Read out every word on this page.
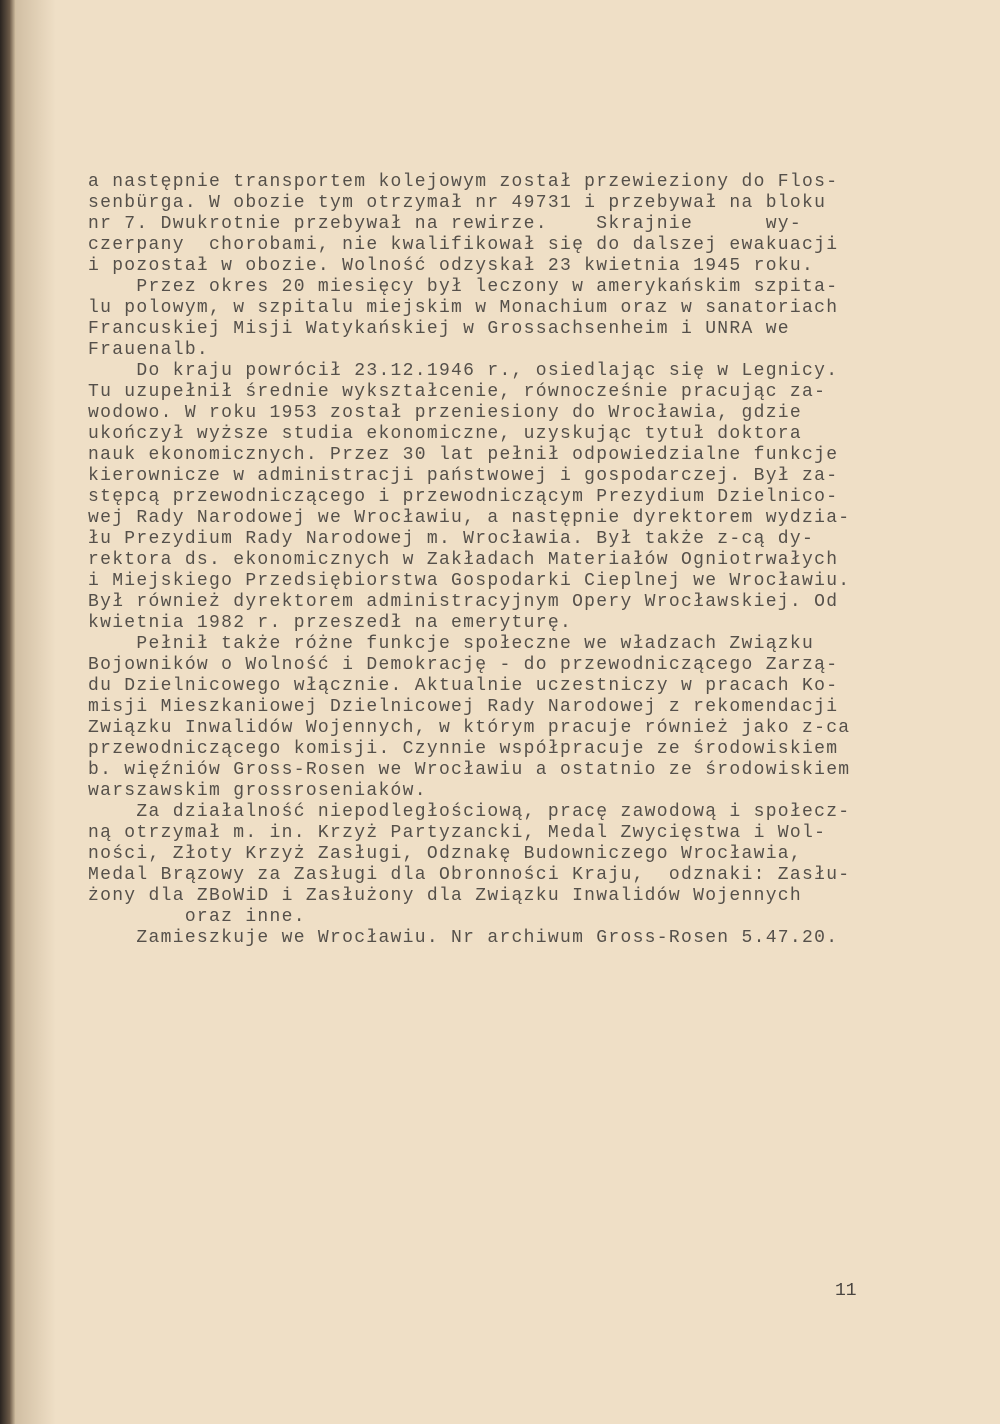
a następnie transportem kolejowym został przewieziony do Flos-
senbürga. W obozie tym otrzymał nr 49731 i przebywał na bloku
nr 7. Dwukrotnie przebywał na rewirze.    Skrajnie      wy-
czerpany  chorobami, nie kwalifikował się do dalszej ewakuacji
i pozostał w obozie. Wolność odzyskał 23 kwietnia 1945 roku.
Przez okres 20 miesięcy był leczony w amerykańskim szpita-
lu polowym, w szpitalu miejskim w Monachium oraz w sanatoriach
Francuskiej Misji Watykańskiej w Grossachsenheim i UNRA we
Frauenalb.
Do kraju powrócił 23.12.1946 r., osiedlając się w Legnicy.
Tu uzupełnił średnie wykształcenie, równocześnie pracując za-
wodowo. W roku 1953 został przeniesiony do Wrocławia, gdzie
ukończył wyższe studia ekonomiczne, uzyskując tytuł doktora
nauk ekonomicznych. Przez 30 lat pełnił odpowiedzialne funkcje
kierownicze w administracji państwowej i gospodarczej. Był za-
stępcą przewodniczącego i przewodniczącym Prezydium Dzielnico-
wej Rady Narodowej we Wrocławiu, a następnie dyrektorem wydzia-
łu Prezydium Rady Narodowej m. Wrocławia. Był także z-cą dy-
rektora ds. ekonomicznych w Zakładach Materiałów Ogniotrwałych
i Miejskiego Przedsiębiorstwa Gospodarki Cieplnej we Wrocławiu.
Był również dyrektorem administracyjnym Opery Wrocławskiej. Od
kwietnia 1982 r. przeszedł na emeryturę.
Pełnił także różne funkcje społeczne we władzach Związku
Bojowników o Wolność i Demokrację - do przewodniczącego Zarzą-
du Dzielnicowego włącznie. Aktualnie uczestniczy w pracach Ko-
misji Mieszkaniowej Dzielnicowej Rady Narodowej z rekomendacji
Związku Inwalidów Wojennych, w którym pracuje również jako z-ca
przewodniczącego komisji. Czynnie współpracuje ze środowiskiem
b. więźniów Gross-Rosen we Wrocławiu a ostatnio ze środowiskiem
warszawskim grossroseniaków.
Za działalność niepodległościową, pracę zawodową i społecz-
ną otrzymał m. in. Krzyż Partyzancki, Medal Zwycięstwa i Wol-
ności, Złoty Krzyż Zasługi, Odznakę Budowniczego Wrocławia,
Medal Brązowy za Zasługi dla Obronności Kraju,  odznaki: Zasłu-
żony dla ZBoWiD i Zasłużony dla Związku Inwalidów Wojennych
oraz inne.
Zamieszkuje we Wrocławiu. Nr archiwum Gross-Rosen 5.47.20.
11
